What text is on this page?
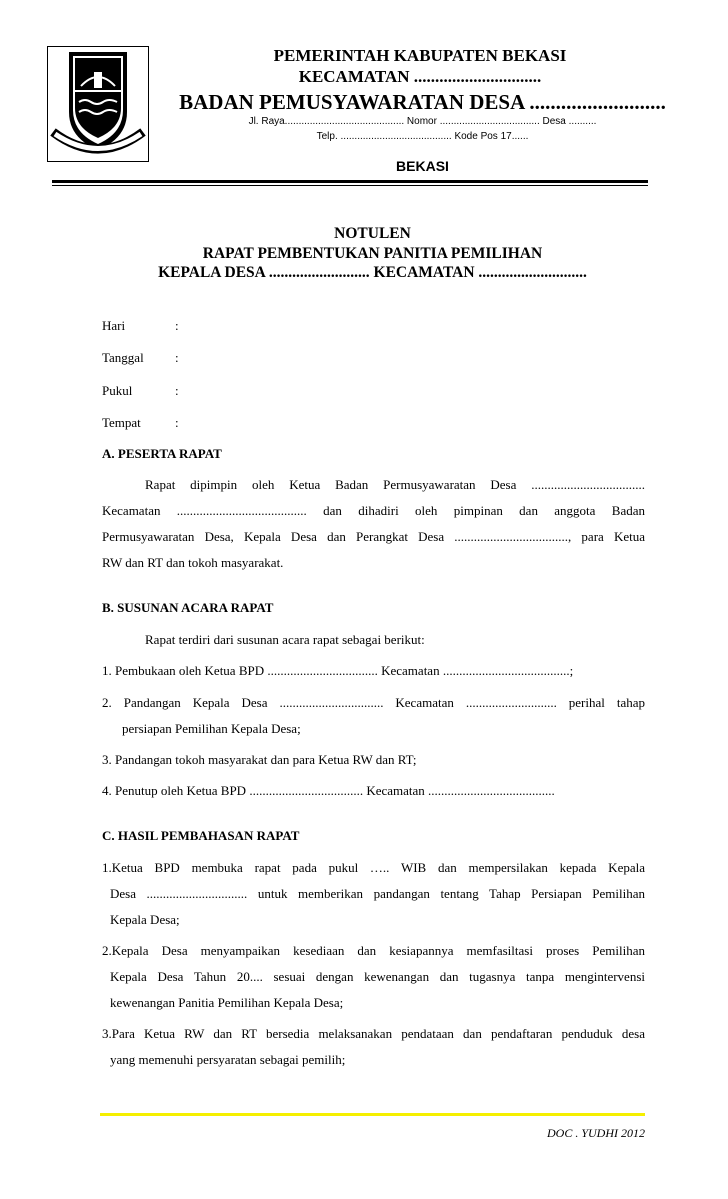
PEMERINTAH KABUPATEN BEKASI
KECAMATAN ..............................
BADAN PEMUSYAWARATAN DESA ..........................
Jl. Raya........................................... Nomor .................................... Desa ..........
Telp. ........................................ Kode Pos 17......
BEKASI
NOTULEN
RAPAT PEMBENTUKAN PANITIA PEMILIHAN
KEPALA DESA .......................... KECAMATAN ............................
Hari	:
Tanggal :
Pukul	:
Tempat	:
A. PESERTA RAPAT
Rapat dipimpin oleh Ketua Badan Permusyawaratan Desa ...................................
Kecamatan ........................................ dan dihadiri oleh pimpinan dan anggota Badan
Permusyawaratan Desa, Kepala Desa dan Perangkat Desa ..................................., para Ketua
RW dan RT dan tokoh masyarakat.
B. SUSUNAN ACARA RAPAT
Rapat terdiri dari susunan acara rapat sebagai berikut:
1. Pembukaan oleh Ketua BPD .................................. Kecamatan .......................................;
2. Pandangan Kepala Desa ................................ Kecamatan ............................ perihal tahap
persiapan Pemilihan Kepala Desa;
3. Pandangan tokoh masyarakat dan para Ketua RW dan RT;
4. Penutup oleh Ketua BPD ................................... Kecamatan .......................................
C. HASIL PEMBAHASAN RAPAT
1.Ketua BPD membuka rapat pada pukul ….. WIB dan mempersilakan kepada Kepala
Desa ............................... untuk memberikan pandangan tentang Tahap Persiapan Pemilihan
Kepala Desa;
2.Kepala Desa menyampaikan kesediaan dan kesiapannya memfasiltasi proses Pemilihan
Kepala Desa Tahun 20.... sesuai dengan kewenangan dan tugasnya tanpa mengintervensi
kewenangan Panitia Pemilihan Kepala Desa;
3.Para Ketua RW dan RT bersedia melaksanakan pendataan dan pendaftaran penduduk desa
yang memenuhi persyaratan sebagai pemilih;
DOC . YUDHI 2012
